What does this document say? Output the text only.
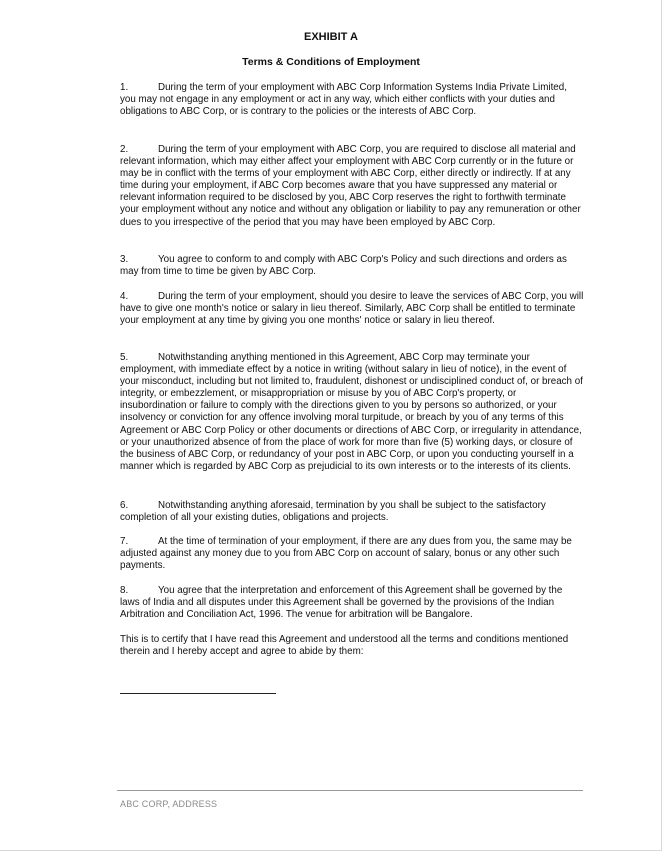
EXHIBIT A

Terms & Conditions of Employment

1.	During the term of your employment with ABC Corp Information Systems India Private Limited, you may not engage in any employment or act in any way, which either conflicts with your duties and obligations to ABC Corp, or is contrary to the policies or the interests of ABC Corp.

2.	During the term of your employment with ABC Corp, you are required to disclose all material and relevant information, which may either affect your employment with ABC Corp currently or in the future or may be in conflict with the terms of your employment with ABC Corp, either directly or indirectly. If at any time during your employment, if ABC Corp becomes aware that you have suppressed any material or relevant information required to be disclosed by you, ABC Corp reserves the right to forthwith terminate your employment without any notice and without any obligation or liability to pay any remuneration or other dues to you irrespective of the period that you may have been employed by ABC Corp.

3.	You agree to conform to and comply with ABC Corp's Policy and such directions and orders as may from time to time be given by ABC Corp.

4.	During the term of your employment, should you desire to leave the services of ABC Corp, you will have to give one month's notice or salary in lieu thereof. Similarly, ABC Corp shall be entitled to terminate your employment at any time by giving you one months' notice or salary in lieu thereof.

5.	Notwithstanding anything mentioned in this Agreement, ABC Corp may terminate your employment, with immediate effect by a notice in writing (without salary in lieu of notice), in the event of your misconduct, including but not limited to, fraudulent, dishonest or undisciplined conduct of, or breach of integrity, or embezzlement, or misappropriation or misuse by you of ABC Corp's property, or insubordination or failure to comply with the directions given to you by persons so authorized, or your insolvency or conviction for any offence involving moral turpitude, or breach by you of any terms of this Agreement or ABC Corp Policy or other documents or directions of ABC Corp, or irregularity in attendance, or your unauthorized absence of from the place of work for more than five (5) working days, or closure of the business of ABC Corp, or redundancy of your post in ABC Corp, or upon you conducting yourself in a manner which is regarded by ABC Corp as prejudicial to its own interests or to the interests of its clients.

6.	Notwithstanding anything aforesaid, termination by you shall be subject to the satisfactory completion of all your existing duties, obligations and projects.

7.	At the time of termination of your employment, if there are any dues from you, the same may be adjusted against any money due to you from ABC Corp on account of salary, bonus or any other such payments.

8.	You agree that the interpretation and enforcement of this Agreement shall be governed by the laws of India and all disputes under this Agreement shall be governed by the provisions of the Indian Arbitration and Conciliation Act, 1996. The venue for arbitration will be Bangalore.

This is to certify that I have read this Agreement and understood all the terms and conditions mentioned therein and I hereby accept and agree to abide by them:

ABC CORP, ADDRESS
